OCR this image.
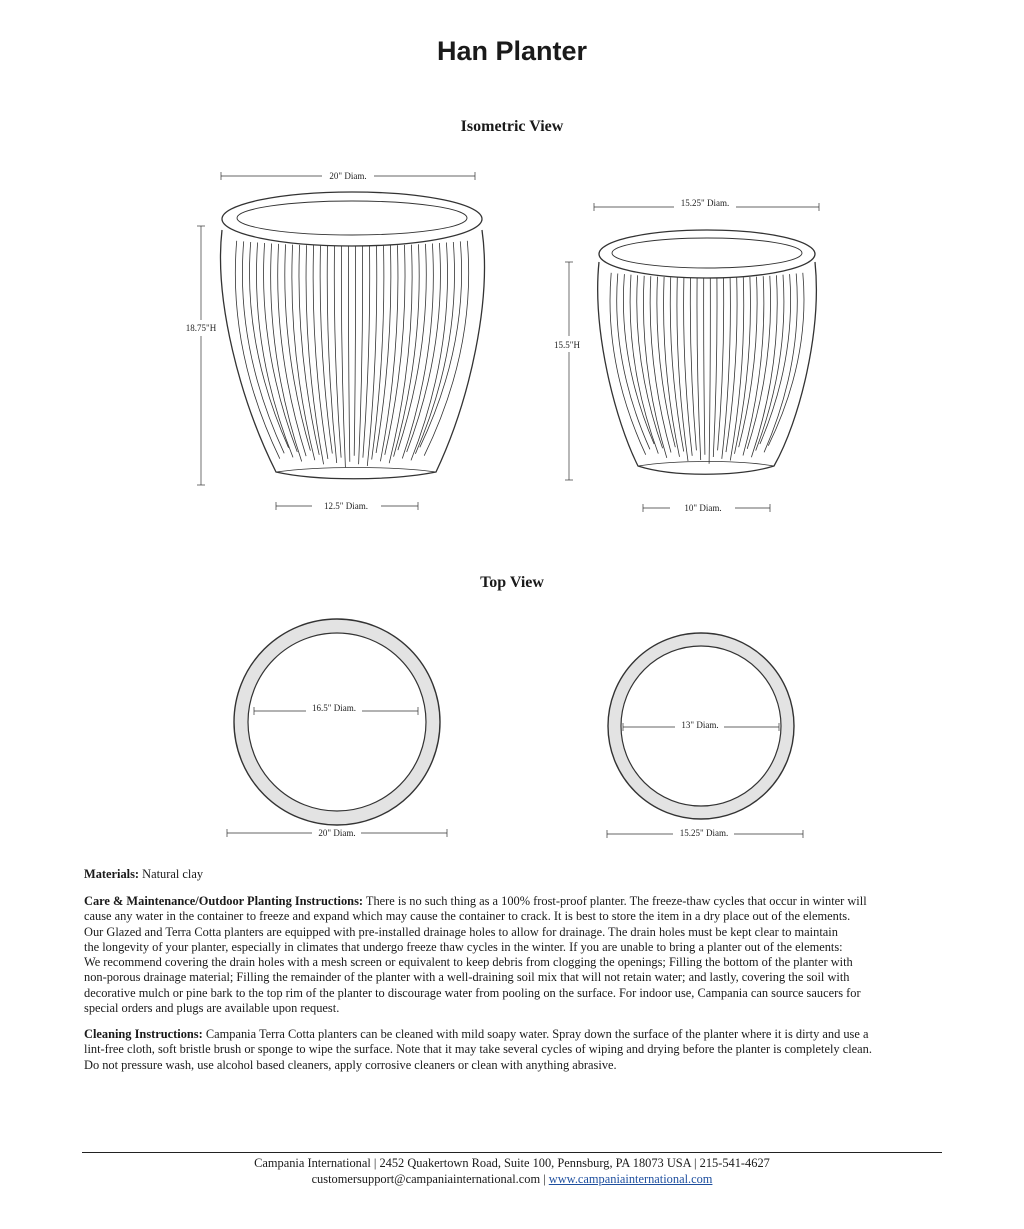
Han Planter
Isometric View
Top View
20" Diam.
18.75"H
12.5" Diam.
15.25" Diam.
15.5"H
10" Diam.
16.5" Diam.
20" Diam.
13" Diam.
15.25" Diam.
Materials: Natural clay
Care & Maintenance/Outdoor Planting Instructions: There is no such thing as a 100% frost-proof planter. The freeze-thaw cycles that occur in winter will
cause any water in the container to freeze and expand which may cause the container to crack. It is best to store the item in a dry place out of the elements.
Our Glazed and Terra Cotta planters are equipped with pre-installed drainage holes to allow for drainage. The drain holes must be kept clear to maintain
the longevity of your planter, especially in climates that undergo freeze thaw cycles in the winter. If you are unable to bring a planter out of the elements:
We recommend covering the drain holes with a mesh screen or equivalent to keep debris from clogging the openings; Filling the bottom of the planter with
non-porous drainage material; Filling the remainder of the planter with a well-draining soil mix that will not retain water; and lastly, covering the soil with
decorative mulch or pine bark to the top rim of the planter to discourage water from pooling on the surface. For indoor use, Campania can source saucers for
special orders and plugs are available upon request.
Cleaning Instructions: Campania Terra Cotta planters can be cleaned with mild soapy water. Spray down the surface of the planter where it is dirty and use a
lint-free cloth, soft bristle brush or sponge to wipe the surface. Note that it may take several cycles of wiping and drying before the planter is completely clean.
Do not pressure wash, use alcohol based cleaners, apply corrosive cleaners or clean with anything abrasive.
Campania International | 2452 Quakertown Road, Suite 100, Pennsburg, PA 18073 USA | 215-541-4627
customersupport@campaniainternational.com | www.campaniainternational.com
